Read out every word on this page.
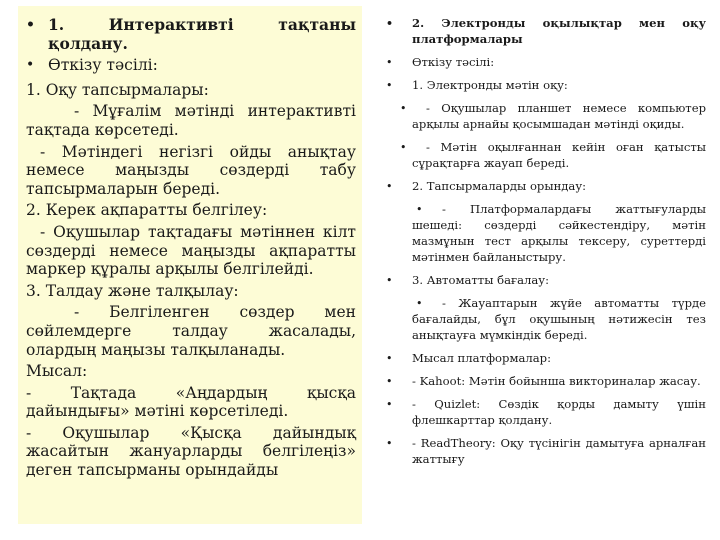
• 1. Интерактивті тақтаны қолдану.

• Өткізу тәсілі:

1. Оқу тапсырмалары:

- Мұғалім мәтінді интерактивті тақтада көрсетеді.

- Мәтіндегі негізгі ойды анықтау немесе маңызды сөздерді табу тапсырмаларын береді.

2. Керек ақпаратты белгілеу:

- Оқушылар тақтадағы мәтіннен кілт сөздерді немесе маңызды ақпаратты маркер құралы арқылы белгілейді.

3. Талдау және талқылау:

- Белгіленген сөздер мен сөйлемдерге талдау жасалады, олардың маңызы талқыланады.

Мысал:

- Тақтада «Аңдардың қысқа дайындығы» мәтіні көрсетіледі.

- Оқушылар «Қысқа дайындық жасайтын жануарларды белгілеңіз» деген тапсырманы орындайды

• 2. Электронды оқылықтар мен оқу платформалары

• Өткізу тәсілі:

• 1. Электронды мәтін оқу:

• - Оқушылар планшет немесе компьютер арқылы арнайы қосымшадан мәтінді оқиды.

• - Мәтін оқылғаннан кейін оған қатысты сұрақтарға жауап береді.

• 2. Тапсырмаларды орындау:

• - Платформалардағы жаттығуларды шешеді: сөздерді сәйкестендіру, мәтін мазмұнын тест арқылы тексеру, суреттерді мәтінмен байланыстыру.

• 3. Автоматты бағалау:

• - Жауаптарын жүйе автоматты түрде бағалайды, бұл оқушының нәтижесін тез анықтауға мүмкіндік береді.

• Мысал платформалар:

• - Kahoot: Мәтін бойынша викториналар жасау.

• - Quizlet: Сөздік қорды дамыту үшін флешкарттар қолдану.

• - ReadTheory: Оқу түсінігін дамытуға арналған жаттығу
